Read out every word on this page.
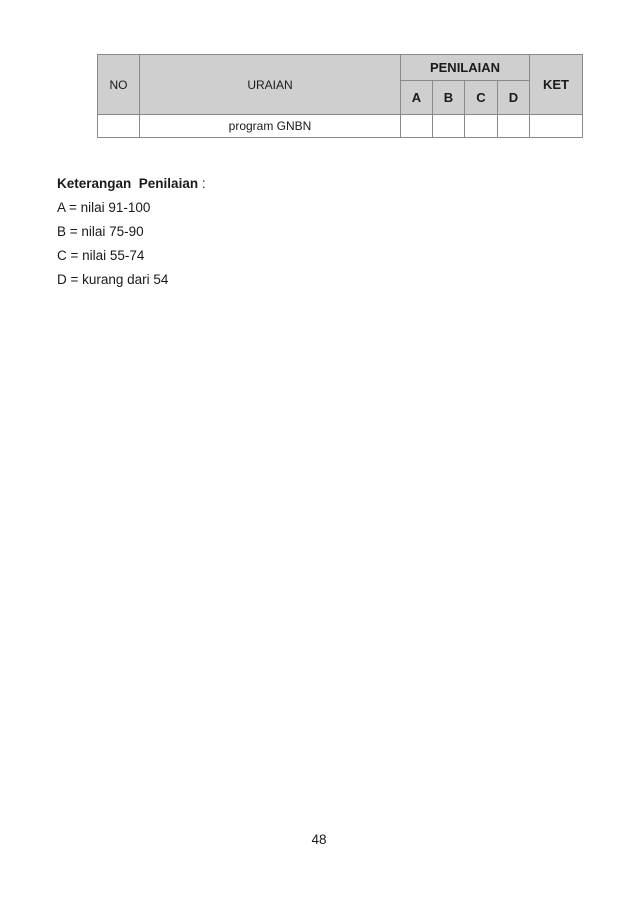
NO	URAIAN	PENILAIAN				KET
		A	B	C	D	
	program GNBN					
Keterangan Penilaian :
A = nilai 91-100
B = nilai 75-90
C = nilai 55-74
D = kurang dari 54
48
